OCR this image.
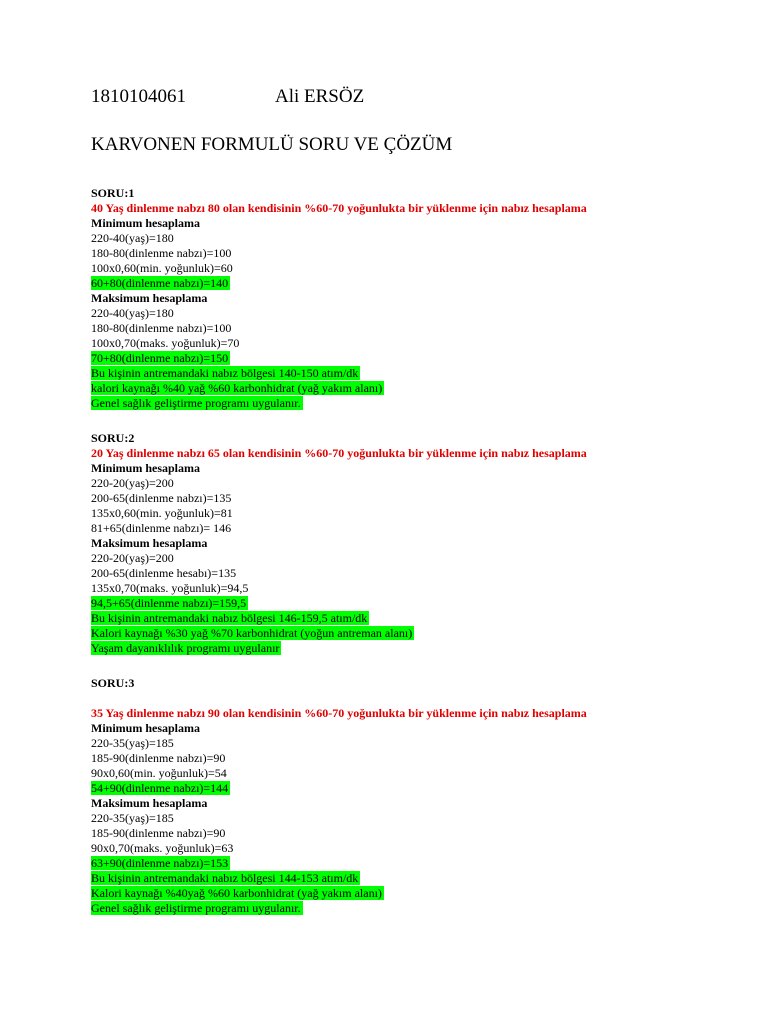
1810104061	Ali ERSÖZ
KARVONEN FORMULÜ SORU VE ÇÖZÜM
SORU:1
40 Yaş dinlenme nabzı 80 olan kendisinin %60-70 yoğunlukta bir yüklenme için nabız hesaplama
Minimum hesaplama
220-40(yaş)=180
180-80(dinlenme nabzı)=100
100x0,60(min. yoğunluk)=60
60+80(dinlenme nabzı)=140
Maksimum hesaplama
220-40(yaş)=180
180-80(dinlenme nabzı)=100
100x0,70(maks. yoğunluk)=70
70+80(dinlenme nabzı)=150
Bu kişinin antremandaki nabız bölgesi 140-150 atım/dk
kalori kaynağı %40 yağ %60 karbonhidrat (yağ yakım alanı)
Genel sağlık geliştirme programı uygulanır.
SORU:2
20 Yaş dinlenme nabzı 65 olan kendisinin %60-70 yoğunlukta bir yüklenme için nabız hesaplama
Minimum hesaplama
220-20(yaş)=200
200-65(dinlenme nabzı)=135
135x0,60(min. yoğunluk)=81
81+65(dinlenme nabzı)= 146
Maksimum hesaplama
220-20(yaş)=200
200-65(dinlenme hesabı)=135
135x0,70(maks. yoğunluk)=94,5
94,5+65(dinlenme nabzı)=159,5
Bu kişinin antremandaki nabız bölgesi 146-159,5 atım/dk
Kalori kaynağı %30 yağ %70 karbonhidrat (yoğun antreman alanı)
Yaşam dayanıklılık programı uygulanır
SORU:3
35 Yaş dinlenme nabzı 90 olan kendisinin %60-70 yoğunlukta bir yüklenme için nabız hesaplama
Minimum hesaplama
220-35(yaş)=185
185-90(dinlenme nabzı)=90
90x0,60(min. yoğunluk)=54
54+90(dinlenme nabzı)=144
Maksimum hesaplama
220-35(yaş)=185
185-90(dinlenme nabzı)=90
90x0,70(maks. yoğunluk)=63
63+90(dinlenme nabzı)=153
Bu kişinin antremandaki nabız bölgesi 144-153 atım/dk
Kalori kaynağı %40yağ %60 karbonhidrat (yağ yakım alanı)
Genel sağlık geliştirme programı uygulanır.
